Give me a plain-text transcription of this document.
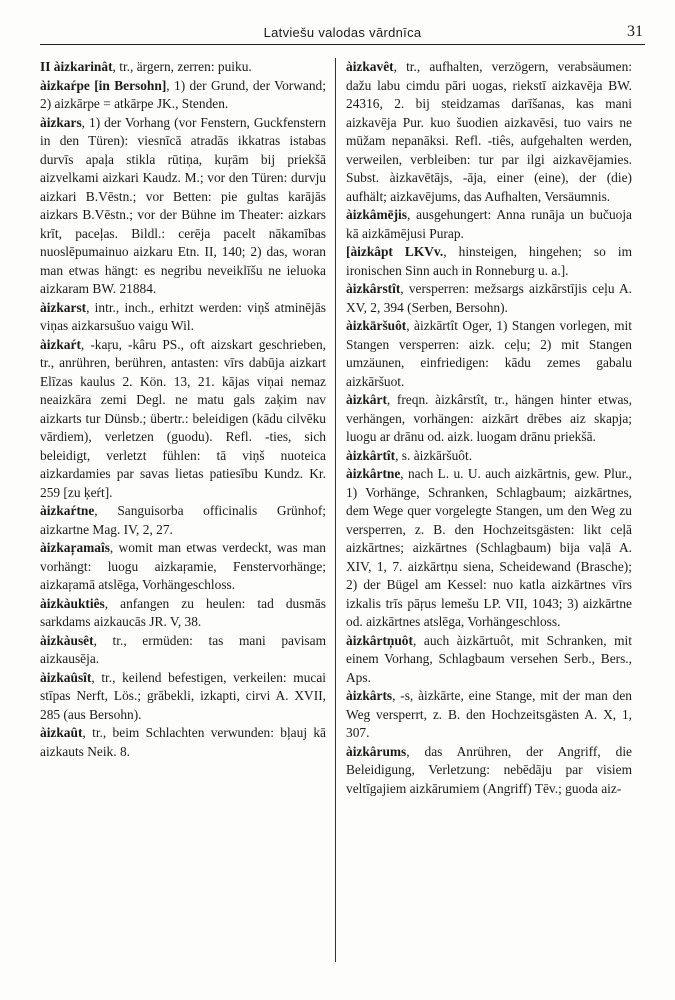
Latviešu valodas vārdnīca	31

II àizkarinât, tr., ärgern, zerren: puiku.

àizkaŕpe [in Bersohn], 1) der Grund, der Vorwand; 2) aizkārpe = atkārpe JK., Stenden.

àizkars, 1) der Vorhang (vor Fenstern, Guckfenstern in den Türen): viesnīcā atradās ikkatras istabas durvīs apaļa stikla rūtiņa, kuŗām bij priekšā aizvelkami aizkari Kaudz. M.; vor den Türen: durvju aizkari B.Vēstn.; vor Betten: pie gultas karājās aizkars B.Vēstn.; vor der Bühne im Theater: aizkars krīt, paceļas. Bildl.: cerēja pacelt nākamības nuoslēpumainuo aizkaru Etn. II, 140; 2) das, woran man etwas hängt: es negribu neveiklīšu ne ieluoka aizkaram BW. 21884.

àizkarst, intr., inch., erhitzt werden: viņš atminējās viņas aizkarsušuo vaigu Wil.

àizkaŕt, -kaŗu, -kâru PS., oft aizskart geschrieben, tr., anrühren, berühren, antasten: vīrs dabūja aizkart Elīzas kaulus 2. Kön. 13, 21. kājas viņai nemaz neaizkāra zemi Degl. ne matu gals zaķim nav aizkarts tur Dünsb.; übertr.: beleidigen (kādu cilvēku vārdiem), verletzen (guodu). Refl. -ties, sich beleidigt, verletzt fühlen: tā viņš nuoteica aizkardamies par savas lietas patiesību Kundz. Kr. 259 [zu ķeŕt].

àizkaŕtne, Sanguisorba officinalis Grünhof; aizkartne Mag. IV, 2, 27.

àizkaŗamaîs, womit man etwas verdeckt, was man vorhängt: luogu aizkaŗamie, Fenstervorhänge; aizkaŗamā atslēga, Vorhängeschloss.

àizkàuktiês, anfangen zu heulen: tad dusmās sarkdams aizkaucās JR. V, 38.

àizkàusêt, tr., ermüden: tas mani pavisam aizkausēja.

àizkaûsît, tr., keilend befestigen, verkeilen: mucai stīpas Nerft, Lös.; grābekli, izkapti, cirvi A. XVII, 285 (aus Bersohn).

àizkaût, tr., beim Schlachten verwunden: bļauj kā aizkauts Neik. 8.

àizkavêt, tr., aufhalten, verzögern, verabsäumen: dažu labu cimdu pāri uogas, riekstī aizkavēja BW. 24316, 2. bij steidzamas darīšanas, kas mani aizkavēja Pur. kuo šuodien aizkavēsi, tuo vairs ne mūžam nepanāksi. Refl. -tiês, aufgehalten werden, verweilen, verbleiben: tur par ilgi aizkavējamies. Subst. àizkavētājs, -āja, einer (eine), der (die) aufhält; aizkavējums, das Aufhalten, Versäumnis.

àizkâmējis, ausgehungert: Anna runāja un bučuoja kā aizkāmējusi Purap.

[àizkâpt LKVv., hinsteigen, hingehen; so im ironischen Sinn auch in Ronneburg u. a.].

àizkârstît, versperren: mežsargs aizkārstījis ceļu A. XV, 2, 394 (Serben, Bersohn).

àizkāršuôt, àizkārtît Oger, 1) Stangen vorlegen, mit Stangen versperren: aizk. ceļu; 2) mit Stangen umzäunen, einfriedigen: kādu zemes gabalu aizkāršuot.

àizkârt, freqn. àizkârstît, tr., hängen hinter etwas, verhängen, vorhängen: aizkārt drēbes aiz skapja; luogu ar drānu od. aizk. luogam drānu priekšā.

àizkârtît, s. àizkāršuôt.

àizkârtne, nach L. u. U. auch aizkārtnis, gew. Plur., 1) Vorhänge, Schranken, Schlagbaum; aizkārtnes, dem Wege quer vorgelegte Stangen, um den Weg zu versperren, z. B. den Hochzeitsgästen: likt ceļā aizkārtnes; aizkārtnes (Schlagbaum) bija vaļā A. XIV, 1, 7. aizkārtņu siena, Scheidewand (Brasche); 2) der Bügel am Kessel: nuo katla aizkārtnes vīrs izkalis trīs pāŗus lemešu LP. VII, 1043; 3) aizkārtne od. aizkārtnes atslēga, Vorhängeschloss.

àizkârtņuôt, auch àizkārtuôt, mit Schranken, mit einem Vorhang, Schlagbaum versehen Serb., Bers., Aps.

àizkârts, -s, àizkārte, eine Stange, mit der man den Weg versperrt, z. B. den Hochzeitsgästen A. X, 1, 307.

àizkârums, das Anrühren, der Angriff, die Beleidigung, Verletzung: nebēdāju par visiem veltīgajiem aizkārumiem (Angriff) Tēv.; guoda aiz-
